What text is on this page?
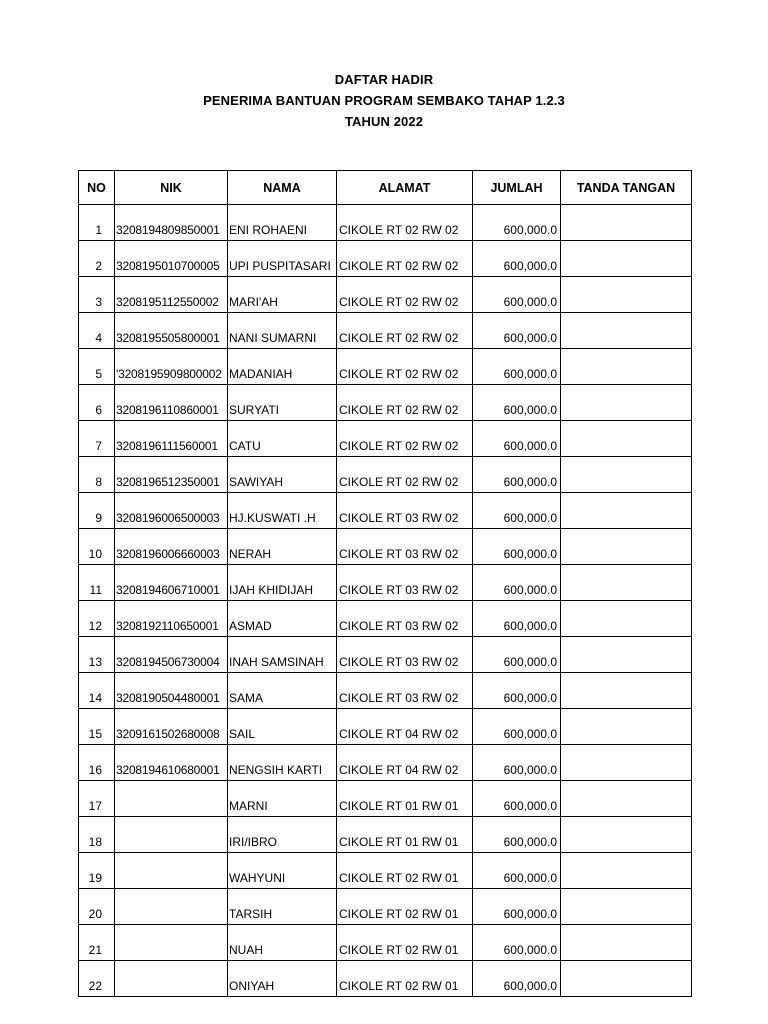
DAFTAR HADIR
PENERIMA BANTUAN PROGRAM SEMBAKO TAHAP 1.2.3
TAHUN 2022
NO	NIK	NAMA	ALAMAT	JUMLAH	TANDA TANGAN
1	3208194809850001	ENI ROHAENI	CIKOLE RT 02 RW 02	600,000.0	
2	3208195010700005	UPI PUSPITASARI	CIKOLE RT 02 RW 02	600,000.0	
3	3208195112550002	MARI'AH	CIKOLE RT 02 RW 02	600,000.0	
4	3208195505800001	NANI SUMARNI	CIKOLE RT 02 RW 02	600,000.0	
5	'3208195909800002	MADANIAH	CIKOLE RT 02 RW 02	600,000.0	
6	3208196110860001	SURYATI	CIKOLE RT 02 RW 02	600,000.0	
7	3208196111560001	CATU	CIKOLE RT 02 RW 02	600,000.0	
8	3208196512350001	SAWIYAH	CIKOLE RT 02 RW 02	600,000.0	
9	3208196006500003	HJ.KUSWATI .H	CIKOLE RT 03 RW 02	600,000.0	
10	3208196006660003	NERAH	CIKOLE RT 03 RW 02	600,000.0	
11	3208194606710001	IJAH KHIDIJAH	CIKOLE RT 03 RW 02	600,000.0	
12	3208192110650001	ASMAD	CIKOLE RT 03 RW 02	600,000.0	
13	3208194506730004	INAH SAMSINAH	CIKOLE RT 03 RW 02	600,000.0	
14	3208190504480001	SAMA	CIKOLE RT 03 RW 02	600,000.0	
15	3209161502680008	SAIL	CIKOLE RT 04 RW 02	600,000.0	
16	3208194610680001	NENGSIH KARTI	CIKOLE RT 04 RW 02	600,000.0	
17		MARNI	CIKOLE RT 01 RW 01	600,000.0	
18		IRI/IBRO	CIKOLE RT 01 RW 01	600,000.0	
19		WAHYUNI	CIKOLE RT 02 RW 01	600,000.0	
20		TARSIH	CIKOLE RT 02 RW 01	600,000.0	
21		NUAH	CIKOLE RT 02 RW 01	600,000.0	
22		ONIYAH	CIKOLE RT 02 RW 01	600,000.0	
